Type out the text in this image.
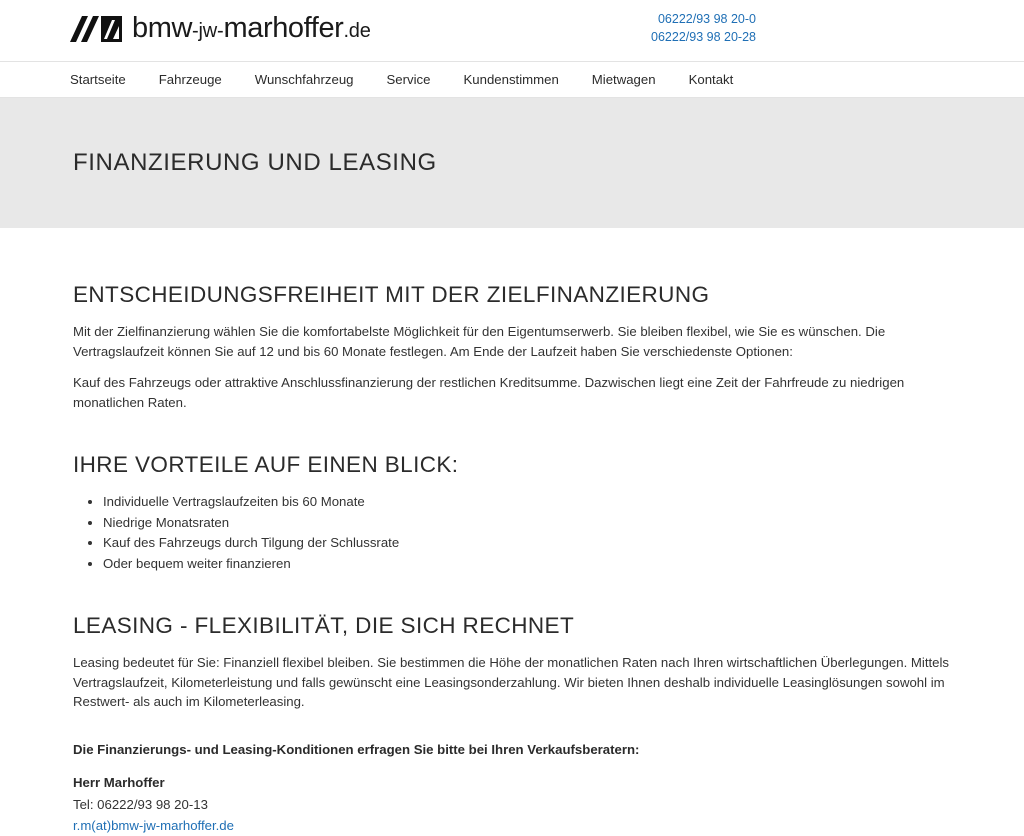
bmw-jw-marhoffer.de
06222/93 98 20-0
06222/93 98 20-28
Startseite	Fahrzeuge	Wunschfahrzeug	Service	Kundenstimmen	Mietwagen	Kontakt
FINANZIERUNG UND LEASING
ENTSCHEIDUNGSFREIHEIT MIT DER ZIELFINANZIERUNG

Mit der Zielfinanzierung wählen Sie die komfortabelste Möglichkeit für den Eigentumserwerb. Sie bleiben flexibel, wie Sie es wünschen. Die Vertragslaufzeit können Sie auf 12 und bis 60 Monate festlegen. Am Ende der Laufzeit haben Sie verschiedenste Optionen:

Kauf des Fahrzeugs oder attraktive Anschlussfinanzierung der restlichen Kreditsumme. Dazwischen liegt eine Zeit der Fahrfreude zu niedrigen monatlichen Raten.

IHRE VORTEILE AUF EINEN BLICK:
• Individuelle Vertragslaufzeiten bis 60 Monate
• Niedrige Monatsraten
• Kauf des Fahrzeugs durch Tilgung der Schlussrate
• Oder bequem weiter finanzieren
LEASING - FLEXIBILITÄT, DIE SICH RECHNET

Leasing bedeutet für Sie: Finanziell flexibel bleiben. Sie bestimmen die Höhe der monatlichen Raten nach Ihren wirtschaftlichen Überlegungen. Mittels Vertragslaufzeit, Kilometerleistung und falls gewünscht eine Leasingsonderzahlung. Wir bieten Ihnen deshalb individuelle Leasinglösungen sowohl im Restwert- als auch im Kilometerleasing.

Die Finanzierungs- und Leasing-Konditionen erfragen Sie bitte bei Ihren Verkaufsberatern:

Herr Marhoffer

Tel: 06222/93 98 20-13

r.m(at)bmw-jw-marhoffer.de
